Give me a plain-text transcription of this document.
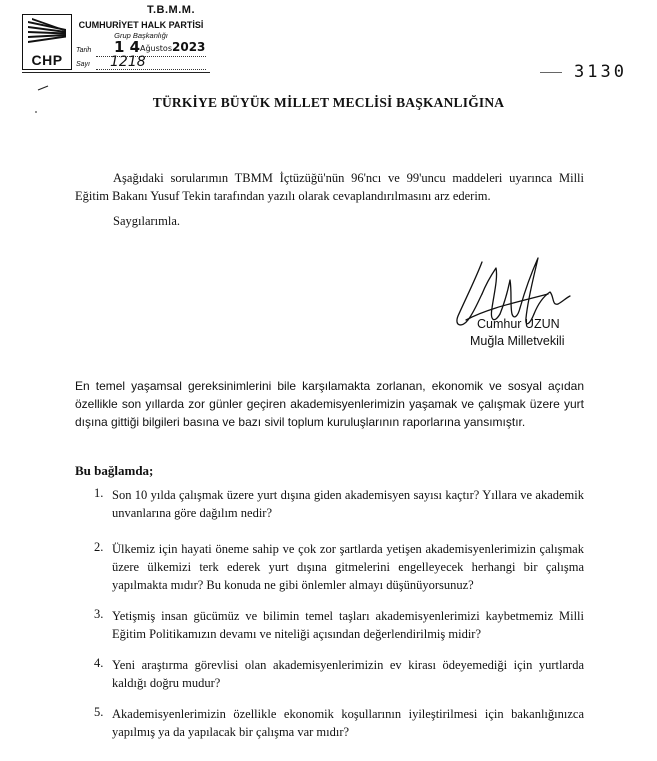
T.B.M.M.
CHP
CUMHURİYET HALK PARTİSİ
Grup Başkanlığı
Tarih 1 4 Ağustos 2023
Sayı 1218	3130
TÜRKİYE BÜYÜK MİLLET MECLİSİ BAŞKANLIĞINA
Aşağıdaki sorularımın TBMM İçtüzüğü'nün 96'ncı ve 99'uncu maddeleri uyarınca Milli Eğitim Bakanı Yusuf Tekin tarafından yazılı olarak cevaplandırılmasını arz ederim.
Saygılarımla.
Cumhur UZUN
Muğla Milletvekili
En temel yaşamsal gereksinimlerini bile karşılamakta zorlanan, ekonomik ve sosyal açıdan özellikle son yıllarda zor günler geçiren akademisyenlerimizin yaşamak ve çalışmak üzere yurt dışına gittiği bilgileri basına ve bazı sivil toplum kuruluşlarının raporlarına yansımıştır.
Bu bağlamda;
1. Son 10 yılda çalışmak üzere yurt dışına giden akademisyen sayısı kaçtır? Yıllara ve akademik unvanlarına göre dağılım nedir?
2. Ülkemiz için hayati öneme sahip ve çok zor şartlarda yetişen akademisyenlerimizin çalışmak üzere ülkemizi terk ederek yurt dışına gitmelerini engelleyecek herhangi bir çalışma yapılmakta mıdır? Bu konuda ne gibi önlemler almayı düşünüyorsunuz?
3. Yetişmiş insan gücümüz ve bilimin temel taşları akademisyenlerimizi kaybetmemiz Milli Eğitim Politikamızın devamı ve niteliği açısından değerlendirilmiş midir?
4. Yeni araştırma görevlisi olan akademisyenlerimizin ev kirası ödeyemediği için yurtlarda kaldığı doğru mudur?
5. Akademisyenlerimizin özellikle ekonomik koşullarının iyileştirilmesi için bakanlığınızca yapılmış ya da yapılacak bir çalışma var mıdır?
